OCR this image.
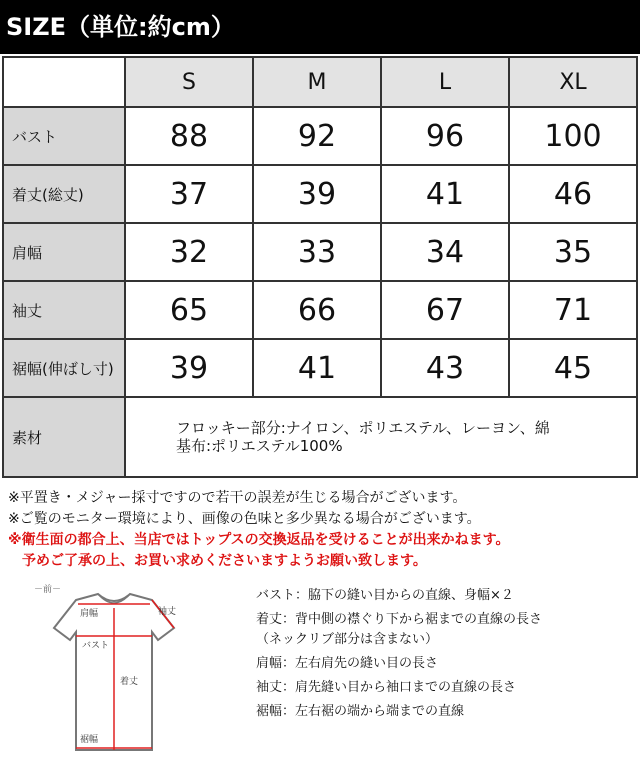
SIZE（単位:約cm）
	S	M	L	XL
バスト	88	92	96	100
着丈(総丈)	37	39	41	46
肩幅	32	33	34	35
袖丈	65	66	67	71
裾幅(伸ばし寸)	39	41	43	45
素材	フロッキー部分:ナイロン、ポリエステル、レーヨン、綿
基布:ポリエステル100%			
※平置き・メジャー採寸ですので若干の誤差が生じる場合がございます。
※ご覧のモニター環境により、画像の色味と多少異なる場合がございます。
※衛生面の都合上、当店ではトップスの交換返品を受けることが出来かねます。
　予めご了承の上、お買い求めくださいますようお願い致します。
－前－
肩幅	袖丈
バスト
着丈
裾幅
バスト：脇下の縫い目からの直線、身幅×２
着丈：背中側の襟ぐり下から裾までの直線の長さ
（ネックリブ部分は含まない）
肩幅：左右肩先の縫い目の長さ
袖丈：肩先縫い目から袖口までの直線の長さ
裾幅：左右裾の端から端までの直線
